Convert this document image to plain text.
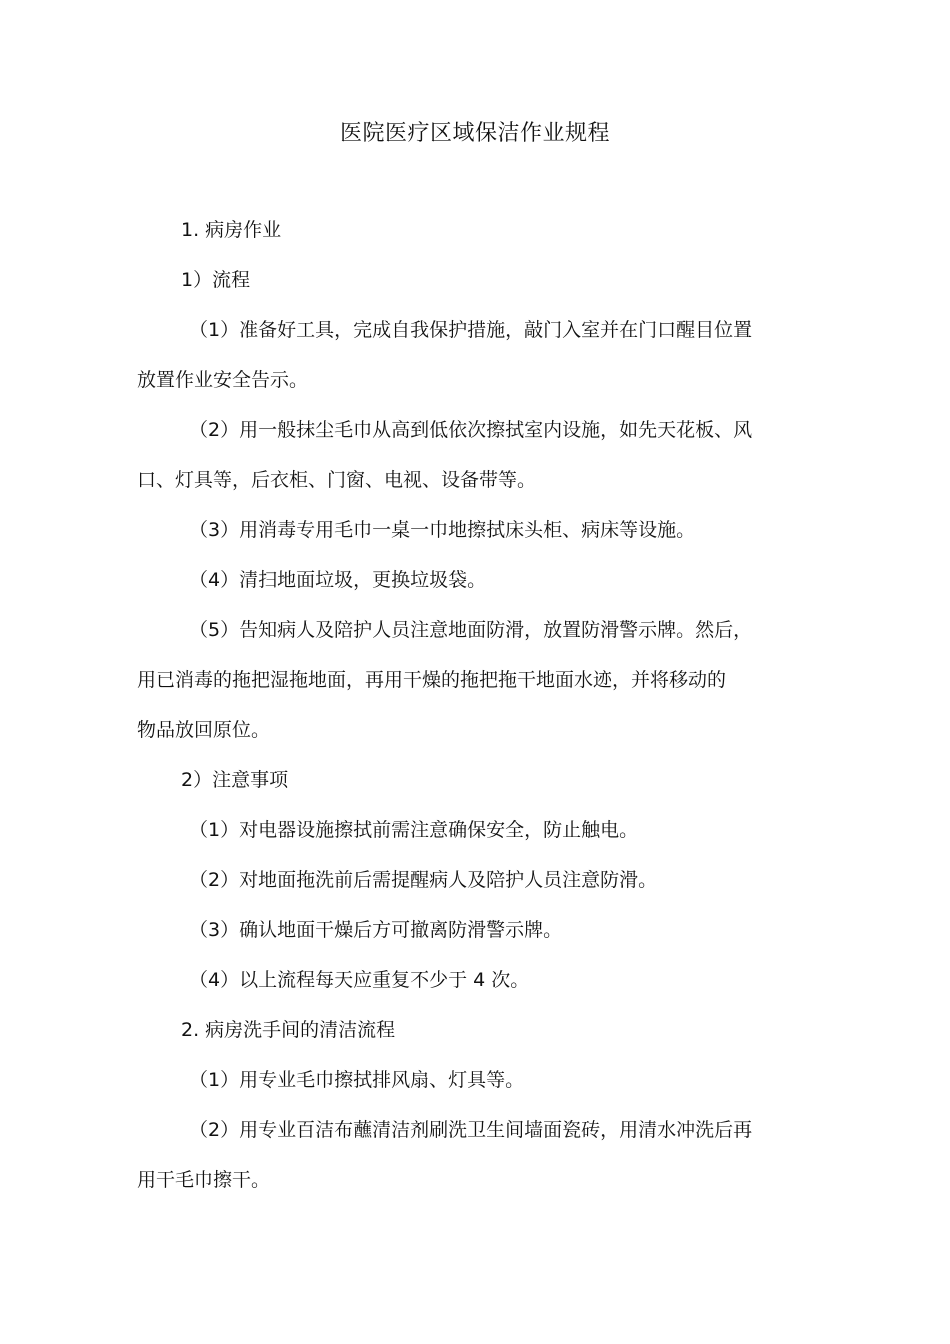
医院医疗区域保洁作业规程
1. 病房作业
1）流程
（1）准备好工具，完成自我保护措施，敲门入室并在门口醒目位置
放置作业安全告示。
（2）用一般抹尘毛巾从高到低依次擦拭室内设施，如先天花板、风
口、灯具等，后衣柜、门窗、电视、设备带等。
（3）用消毒专用毛巾一桌一巾地擦拭床头柜、病床等设施。
（4）清扫地面垃圾，更换垃圾袋。
（5）告知病人及陪护人员注意地面防滑，放置防滑警示牌。然后，
用已消毒的拖把湿拖地面，再用干燥的拖把拖干地面水迹，并将移动的
物品放回原位。
2）注意事项
（1）对电器设施擦拭前需注意确保安全，防止触电。
（2）对地面拖洗前后需提醒病人及陪护人员注意防滑。
（3）确认地面干燥后方可撤离防滑警示牌。
（4）以上流程每天应重复不少于 4 次。
2. 病房洗手间的清洁流程
（1）用专业毛巾擦拭排风扇、灯具等。
（2）用专业百洁布蘸清洁剂刷洗卫生间墙面瓷砖，用清水冲洗后再
用干毛巾擦干。
